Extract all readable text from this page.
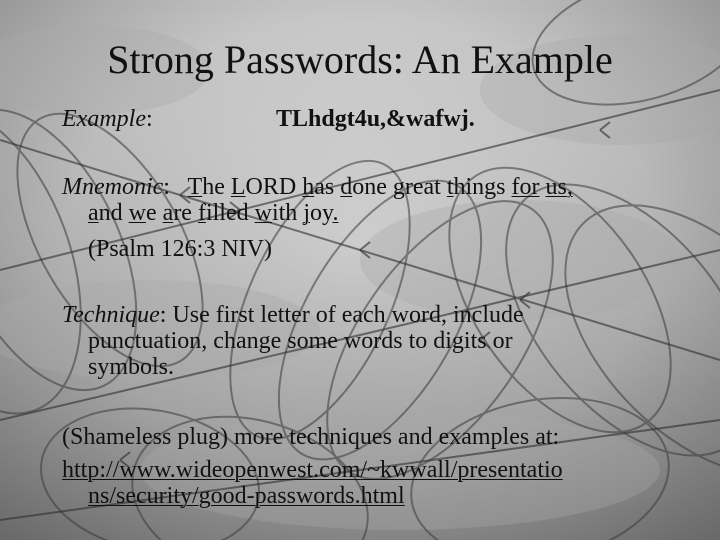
Strong Passwords: An Example
Example:	TLhdgt4u,&wafwj.
Mnemonic: The LORD has done great things for us,
and we are filled with joy.
(Psalm 126:3 NIV)
Technique: Use first letter of each word, include
punctuation, change some words to digits or
symbols.
(Shameless plug) more techniques and examples at:
http://www.wideopenwest.com/~kwwall/presentatio
ns/security/good-passwords.html
